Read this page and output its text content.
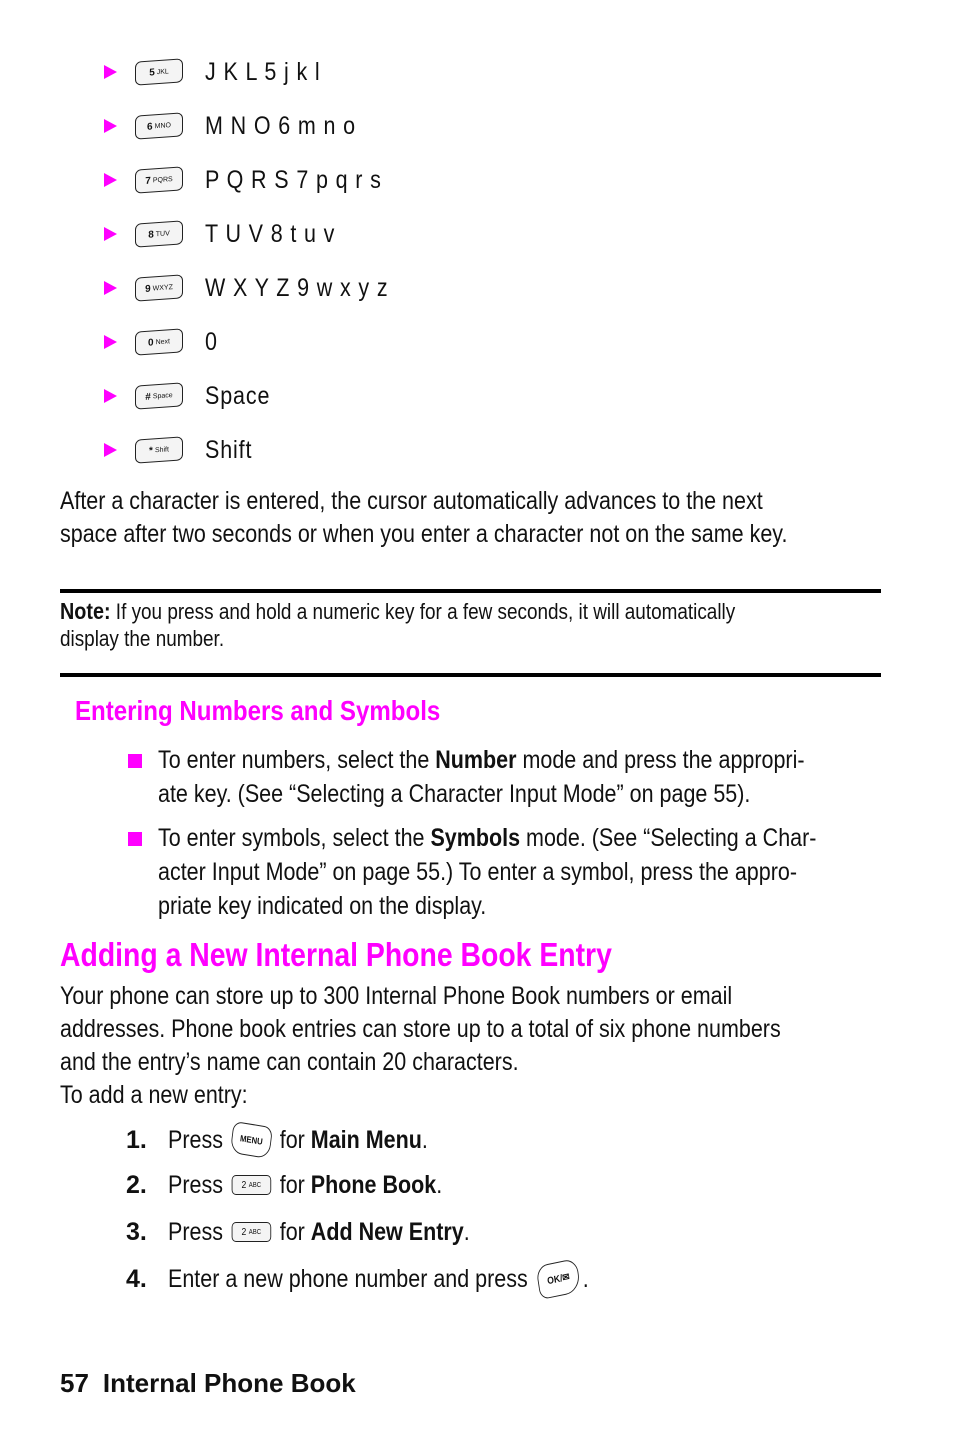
5 JKL J K L 5 j k l
6 MNO M N O 6 m n o
7 PQRS P Q R S 7 p q r s
8 TUV T U V 8 t u v
9 WXYZ W X Y Z 9 w x y z
0 Next 0
# Space Space
* Shift Shift
After a character is entered, the cursor automatically advances to the next
space after two seconds or when you enter a character not on the same key.
Note: If you press and hold a numeric key for a few seconds, it will automatically
display the number.
Entering Numbers and Symbols
To enter numbers, select the Number mode and press the appropri-
ate key. (See “Selecting a Character Input Mode” on page 55).
To enter symbols, select the Symbols mode. (See “Selecting a Char-
acter Input Mode” on page 55.) To enter a symbol, press the appro-
priate key indicated on the display.
Adding a New Internal Phone Book Entry
Your phone can store up to 300 Internal Phone Book numbers or email
addresses. Phone book entries can store up to a total of six phone numbers
and the entry’s name can contain 20 characters.
To add a new entry:
1. Press	MENU for
Main Menu .
2. Press 2
ABC for
Phone Book .
3. Press 2
ABC for
Add New Entry .
4. Enter a new phone number and press	OK/✉ .
57 Internal Phone Book
